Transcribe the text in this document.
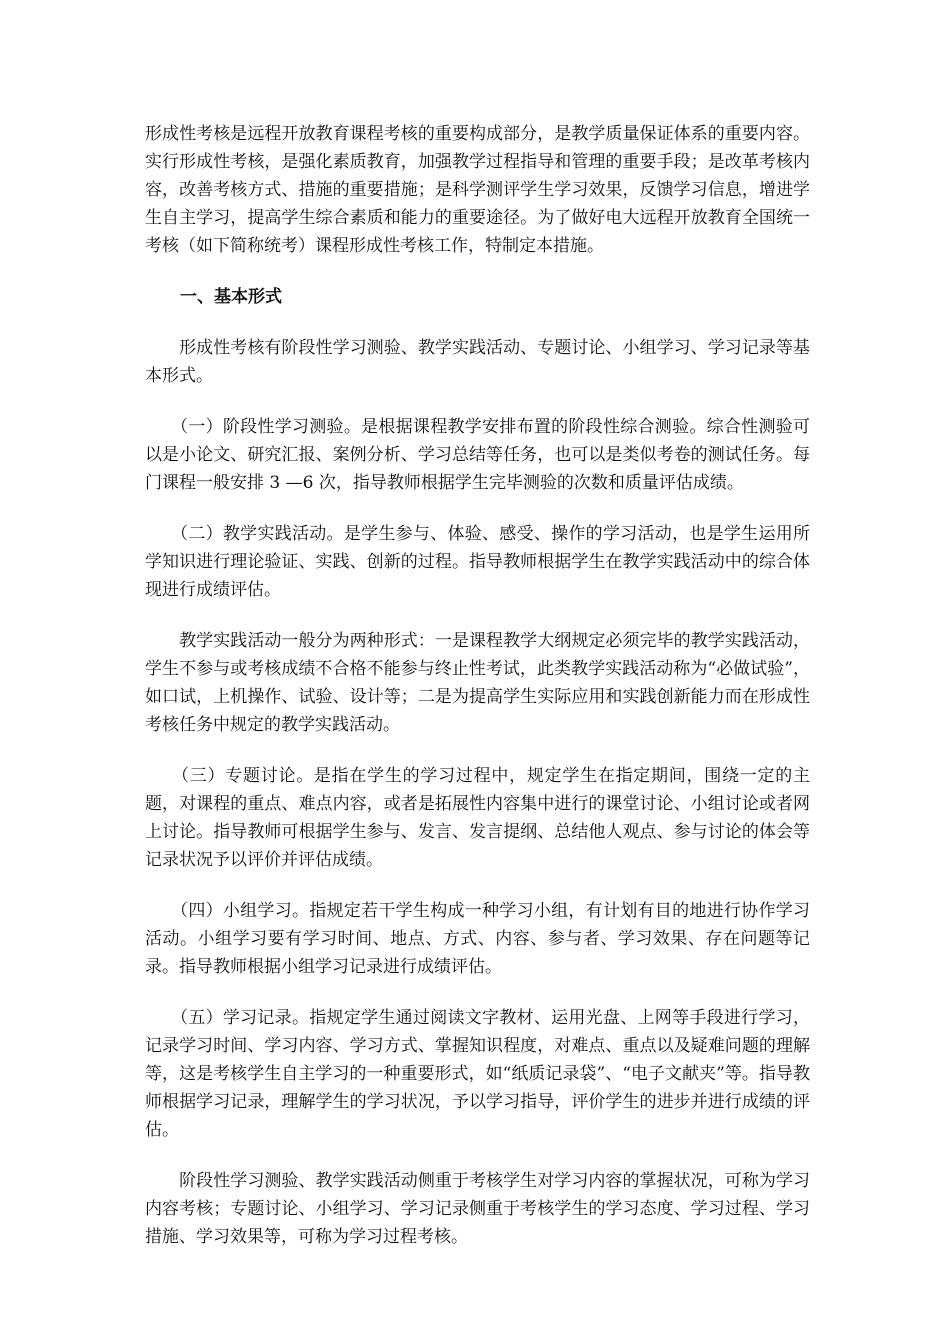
形成性考核是远程开放教育课程考核的重要构成部分，是教学质量保证体系的重要内容。实行形成性考核，是强化素质教育，加强教学过程指导和管理的重要手段；是改革考核内容，改善考核方式、措施的重要措施；是科学测评学生学习效果，反馈学习信息，增进学生自主学习，提高学生综合素质和能力的重要途径。为了做好电大远程开放教育全国统一考核（如下简称统考）课程形成性考核工作，特制定本措施。

一、基本形式

　　形成性考核有阶段性学习测验、教学实践活动、专题讨论、小组学习、学习记录等基本形式。

　　（一）阶段性学习测验。是根据课程教学安排布置的阶段性综合测验。综合性测验可以是小论文、研究汇报、案例分析、学习总结等任务，也可以是类似考卷的测试任务。每门课程一般安排 3 —6 次，指导教师根据学生完毕测验的次数和质量评估成绩。

　　（二）教学实践活动。是学生参与、体验、感受、操作的学习活动，也是学生运用所学知识进行理论验证、实践、创新的过程。指导教师根据学生在教学实践活动中的综合体现进行成绩评估。

　　教学实践活动一般分为两种形式：一是课程教学大纲规定必须完毕的教学实践活动，学生不参与或考核成绩不合格不能参与终止性考试，此类教学实践活动称为“必做试验”，如口试，上机操作、试验、设计等；二是为提高学生实际应用和实践创新能力而在形成性考核任务中规定的教学实践活动。

　　（三）专题讨论。是指在学生的学习过程中，规定学生在指定期间，围绕一定的主题，对课程的重点、难点内容，或者是拓展性内容集中进行的课堂讨论、小组讨论或者网上讨论。指导教师可根据学生参与、发言、发言提纲、总结他人观点、参与讨论的体会等记录状况予以评价并评估成绩。

　　（四）小组学习。指规定若干学生构成一种学习小组，有计划有目的地进行协作学习活动。小组学习要有学习时间、地点、方式、内容、参与者、学习效果、存在问题等记录。指导教师根据小组学习记录进行成绩评估。

　　（五）学习记录。指规定学生通过阅读文字教材、运用光盘、上网等手段进行学习，记录学习时间、学习内容、学习方式、掌握知识程度，对难点、重点以及疑难问题的理解等，这是考核学生自主学习的一种重要形式，如“纸质记录袋”、“电子文献夹”等。指导教师根据学习记录，理解学生的学习状况，予以学习指导，评价学生的进步并进行成绩的评估。

　　阶段性学习测验、教学实践活动侧重于考核学生对学习内容的掌握状况，可称为学习内容考核；专题讨论、小组学习、学习记录侧重于考核学生的学习态度、学习过程、学习措施、学习效果等，可称为学习过程考核。
